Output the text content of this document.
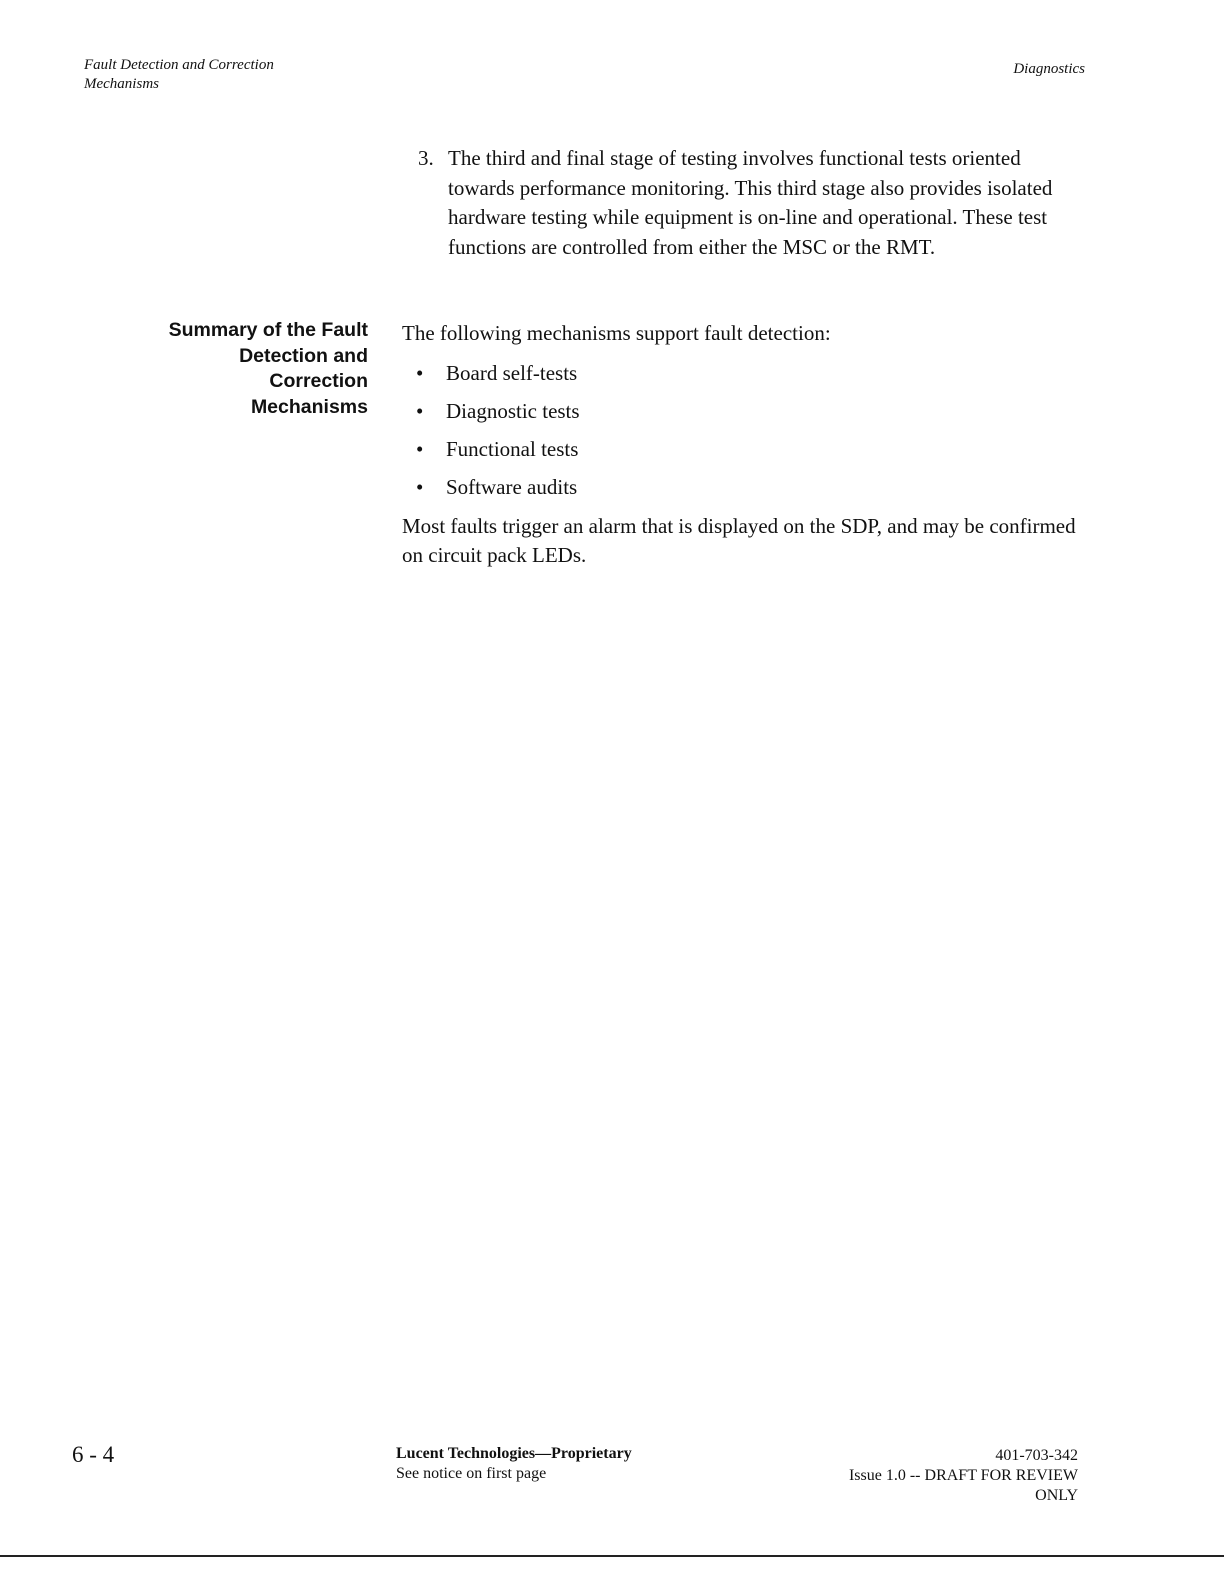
Fault Detection and Correction
Mechanisms
Diagnostics
3. The third and final stage of testing involves functional tests oriented towards performance monitoring. This third stage also provides isolated hardware testing while equipment is on-line and operational. These test functions are controlled from either the MSC or the RMT.
Summary of the Fault
Detection and
Correction
Mechanisms

The following mechanisms support fault detection:

• Board self-tests
• Diagnostic tests
• Functional tests
• Software audits

Most faults trigger an alarm that is displayed on the SDP, and may be confirmed on circuit pack LEDs.

6 - 4	Lucent Technologies—Proprietary
See notice on first page
401-703-342
Issue 1.0 -- DRAFT FOR REVIEW
ONLY
